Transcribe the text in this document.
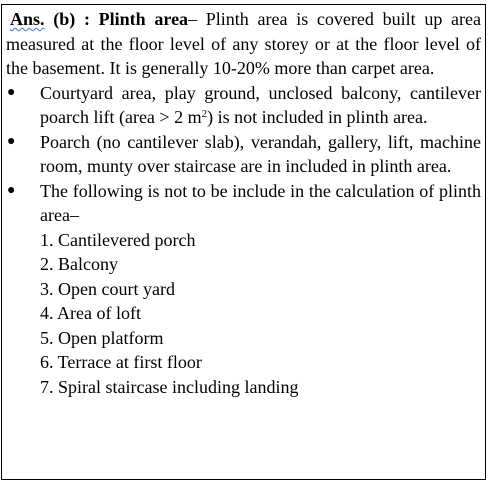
Ans. (b) : Plinth area– Plinth area is covered built up area measured at the floor level of any storey or at the floor level of the basement. It is generally 10-20% more than carpet area.

● Courtyard area, play ground, unclosed balcony, cantilever poarch lift (area > 2 $m^2$) is not included in plinth area.
● Poarch (no cantilever slab), verandah, gallery, lift, machine room, munty over staircase are in included in plinth area.
● The following is not to be include in the calculation of plinth area–
1. Cantilevered porch
2. Balcony
3. Open court yard
4. Area of loft
5. Open platform
6. Terrace at first floor
7. Spiral staircase including landing
